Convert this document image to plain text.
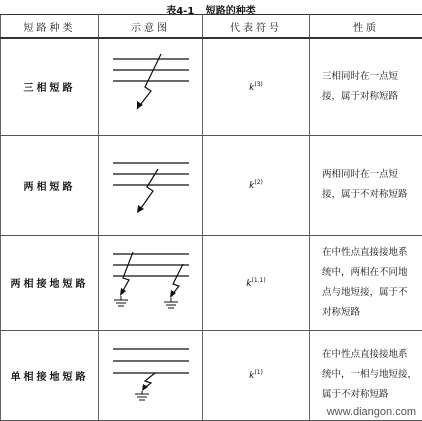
表4-1 短路的种类
短路种类	示意图	代表符号	性质
三相短路		$k^{(3)}$	三相同时在一点短
接，属于对称短路

两相短路		$k^{(2)}$	两相同时在一点短
接，属于不对称短路

两相接地短路		$k^{(1.1)}$	在中性点直接接地系
统中，两相在不同地
点与地短接，属于不
对称短路

单相接地短路		$k^{(1)}$	在中性点直接接地系
统中，一相与地短接，
属于不对称短路
www.diangon.com
